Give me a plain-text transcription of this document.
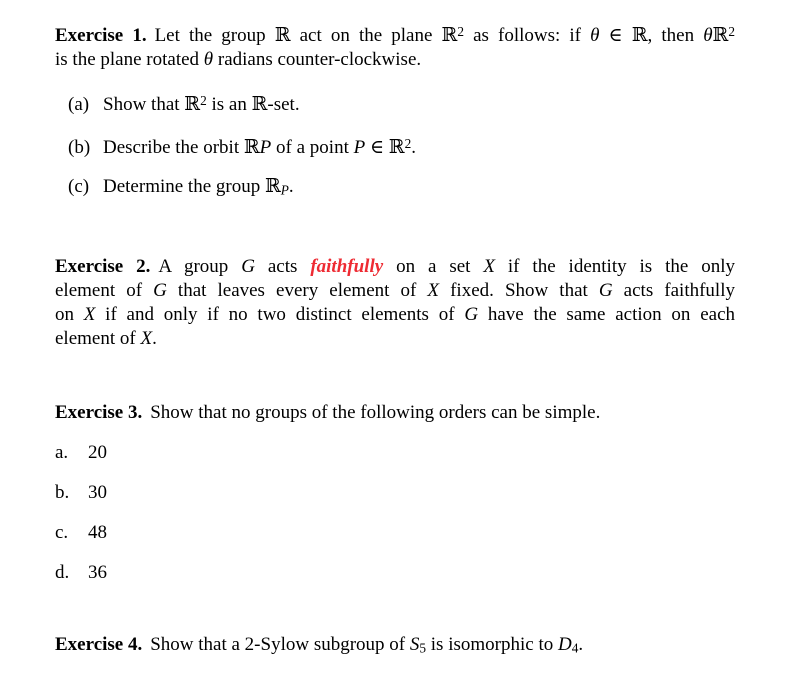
Exercise 1. Let the group ℝ act on the plane ℝ$^2$ as follows: if θ ∈ ℝ, then θℝ$^2$
is the plane rotated θ radians counter-clockwise.
(a) Show that ℝ$^2$ is an ℝ-set.
(b) Describe the orbit ℝP of a point P ∈ ℝ$^2$.
(c) Determine the group ℝP.
Exercise 2. A group G acts faithfully on a set X if the identity is the only
element of G that leaves every element of X fixed. Show that G acts faithfully
on X if and only if no two distinct elements of G have the same action on each
element of X.
Exercise 3. Show that no groups of the following orders can be simple.
a. 20
b. 30
c. 48
d. 36
Exercise 4. Show that a 2-Sylow subgroup of S5 is isomorphic to D4.
